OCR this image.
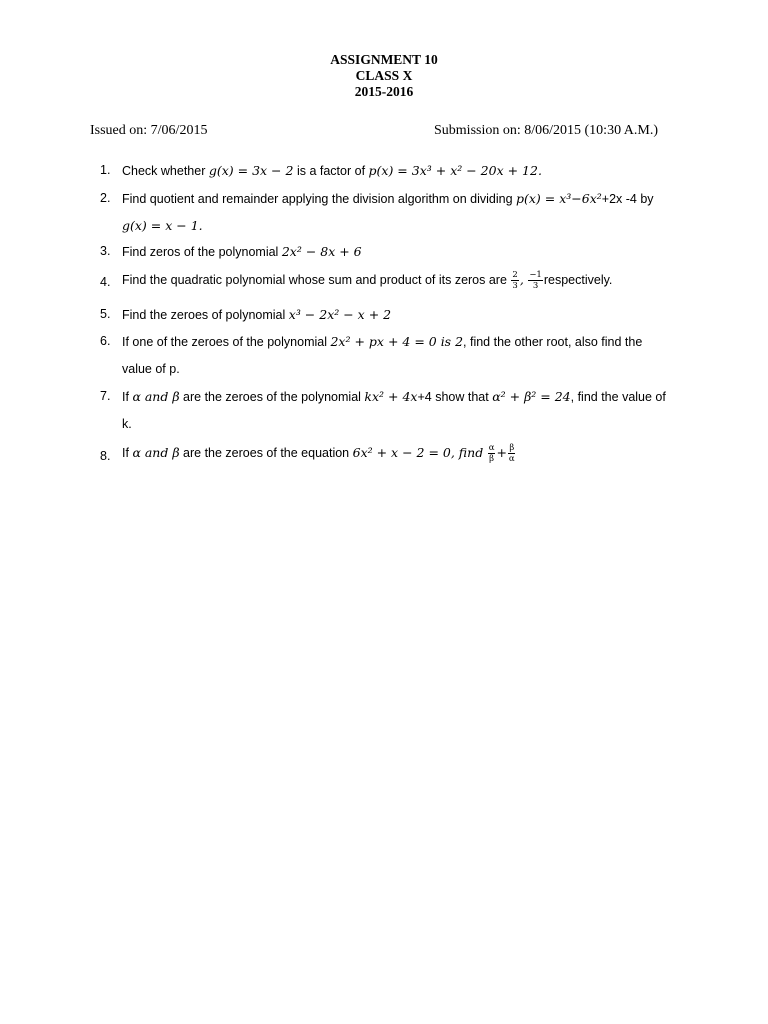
ASSIGNMENT 10
CLASS X
2015-2016
Issued on: 7/06/2015	Submission on: 8/06/2015 (10:30 A.M.)
1. Check whether g(x) = 3x − 2 is a factor of p(x) = 3x³ + x² − 20x + 12.
2. Find quotient and remainder applying the division algorithm on dividing p(x) = x³−6x²+2x -4 by
g(x) = x − 1.
3. Find zeros of the polynomial 2x² − 8x + 6
4. Find the quadratic polynomial whose sum and product of its zeros are $\frac{2}{3}$ , $\frac{-1}{3}$ respectively.
5. Find the zeroes of polynomial x³ − 2x² − x + 2
6. If one of the zeroes of the polynomial 2x² + px + 4 = 0 is 2, find the other root, also find the
value of p.
7. If α and β are the zeroes of the polynomial kx² + 4x+4 show that α² + β² = 24, find the value of
k.
8. If α and β are the zeroes of the equation 6x² + x − 2 = 0, find $\frac{\alpha}{\beta} + \frac{\beta}{\alpha}$
